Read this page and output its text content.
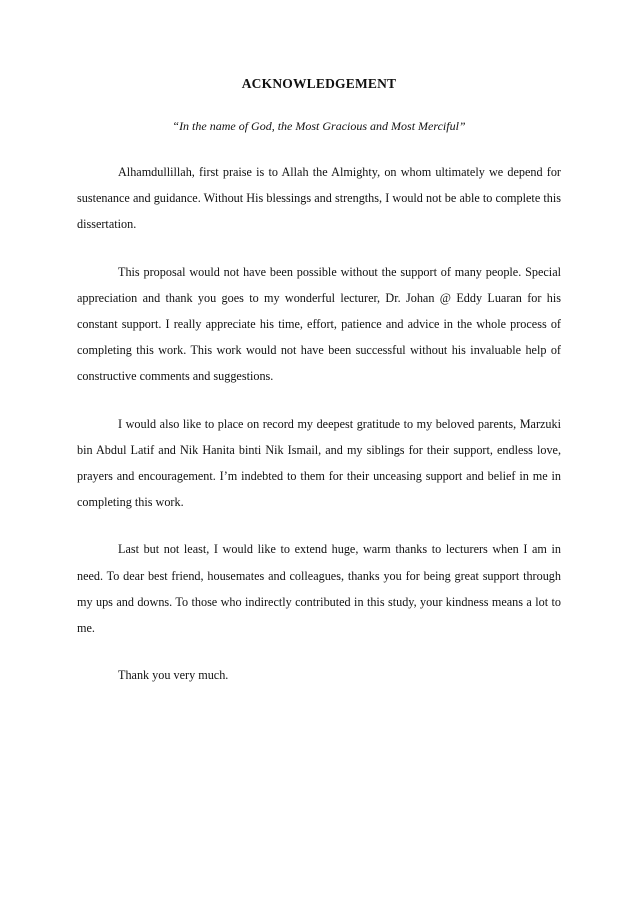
ACKNOWLEDGEMENT

“In the name of God, the Most Gracious and Most Merciful”

Alhamdullillah, first praise is to Allah the Almighty, on whom ultimately we depend for sustenance and guidance. Without His blessings and strengths, I would not be able to complete this dissertation.

This proposal would not have been possible without the support of many people. Special appreciation and thank you goes to my wonderful lecturer, Dr. Johan @ Eddy Luaran for his constant support. I really appreciate his time, effort, patience and advice in the whole process of completing this work. This work would not have been successful without his invaluable help of constructive comments and suggestions.

I would also like to place on record my deepest gratitude to my beloved parents, Marzuki bin Abdul Latif and Nik Hanita binti Nik Ismail, and my siblings for their support, endless love, prayers and encouragement. I’m indebted to them for their unceasing support and belief in me in completing this work.

Last but not least, I would like to extend huge, warm thanks to lecturers when I am in need. To dear best friend, housemates and colleagues, thanks you for being great support through my ups and downs. To those who indirectly contributed in this study, your kindness means a lot to me.

Thank you very much.
